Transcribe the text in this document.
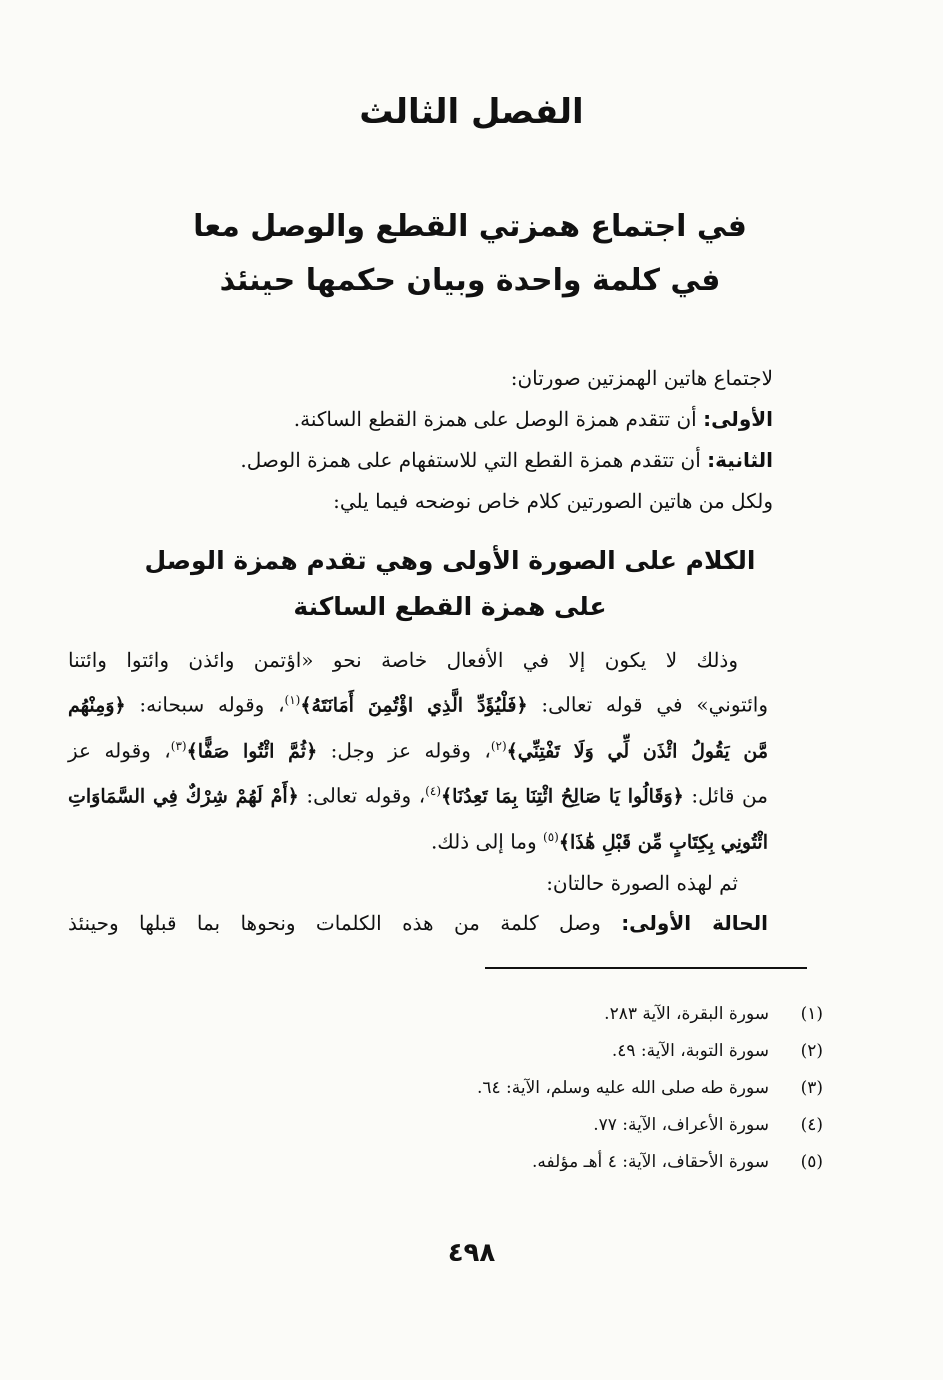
الفصل الثالث
في اجتماع همزتي القطع والوصل معا
في كلمة واحدة وبيان حكمها حينئذ

لاجتماع هاتين الهمزتين صورتان:

الأولى: أن تتقدم همزة الوصل على همزة القطع الساكنة.

الثانية: أن تتقدم همزة القطع التي للاستفهام على همزة الوصل.

ولكل من هاتين الصورتين كلام خاص نوضحه فيما يلي:

الكلام على الصورة الأولى وهي تقدم همزة الوصل
على همزة القطع الساكنة
وذلك لا يكون إلا في الأفعال خاصة نحو «اؤتمن وائذن وائتوا وائتنا
وائتوني» في قوله تعالى: ﴿فَلْيُؤَدِّ الَّذِي اؤْتُمِنَ أَمَانَتَهُ﴾$^{(١)}$، وقوله سبحانه: ﴿وَمِنْهُم
مَّن يَقُولُ ائْذَن لِّي وَلَا تَفْتِنِّي﴾$^{(٢)}$، وقوله عز وجل: ﴿ثُمَّ ائْتُوا صَفًّا﴾$^{(٣)}$، وقوله عز
من قائل: ﴿وَقَالُوا يَا صَالِحُ ائْتِنَا بِمَا تَعِدُنَا﴾$^{(٤)}$، وقوله تعالى: ﴿أَمْ لَهُمْ شِرْكٌ فِي السَّمَاوَاتِ
ائْتُونِي بِكِتَابٍ مِّن قَبْلِ هَٰذَا﴾$^{(٥)}$ وما إلى ذلك.
ثم لهذه الصورة حالتان:
الحالة الأولى: وصل كلمة من هذه الكلمات ونحوها بما قبلها وحينئذ
(١)سورة البقرة، الآية ٢٨٣.
(٢)سورة التوبة، الآية: ٤٩.
(٣)سورة طه صلى الله عليه وسلم، الآية: ٦٤.
(٤)سورة الأعراف، الآية: ٧٧.
(٥)سورة الأحقاف، الآية: ٤ أهـ مؤلفه.
٤٩٨
